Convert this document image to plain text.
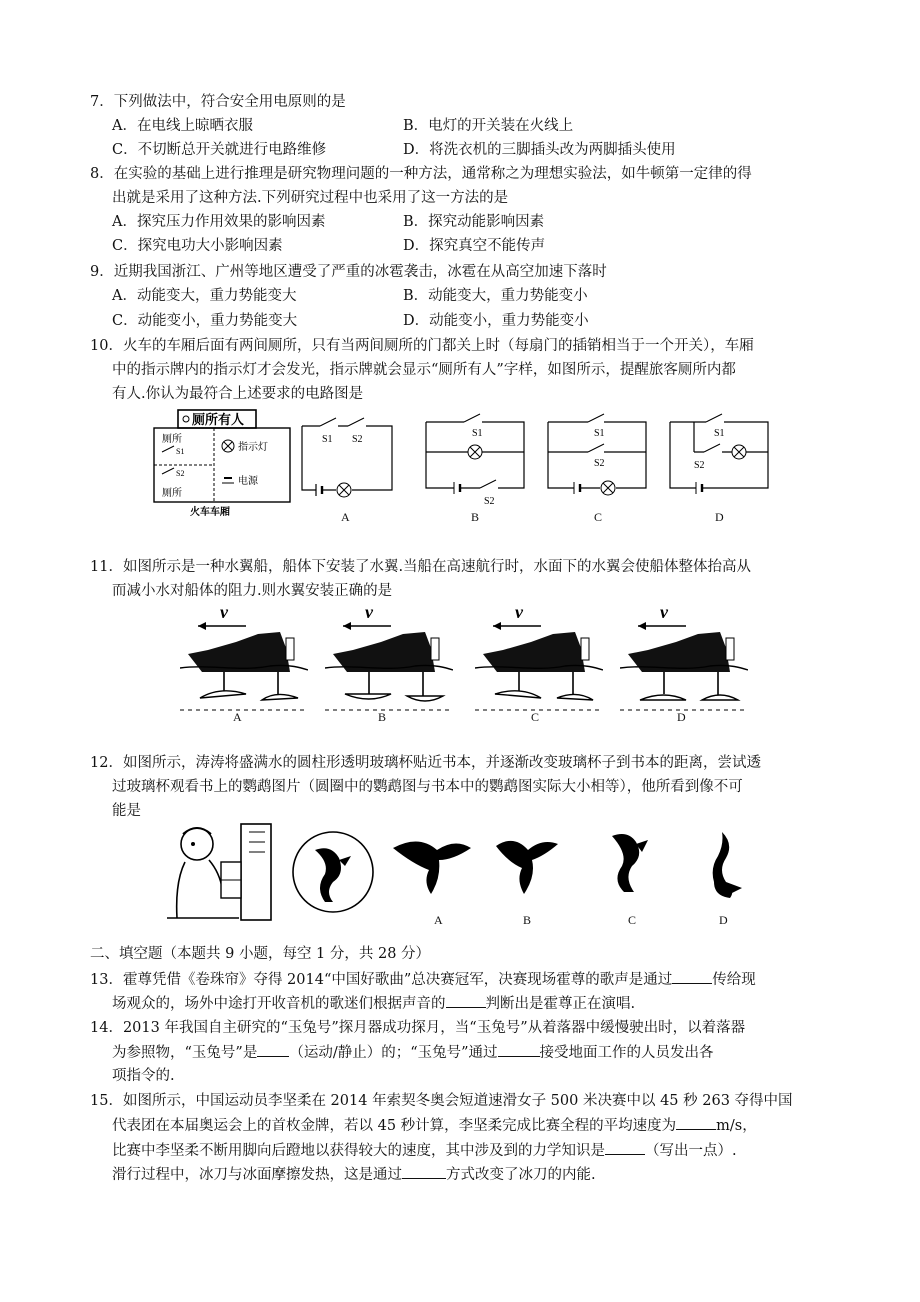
7．下列做法中，符合安全用电原则的是
A．在电线上晾晒衣服	B．电灯的开关装在火线上
C．不切断总开关就进行电路维修	D．将洗衣机的三脚插头改为两脚插头使用
8．在实验的基础上进行推理是研究物理问题的一种方法，通常称之为理想实验法，如牛顿第一定律的得
出就是采用了这种方法.下列研究过程中也采用了这一方法的是
A．探究压力作用效果的影响因素	B．探究动能影响因素
C．探究电功大小影响因素	D．探究真空不能传声
9．近期我国浙江、广州等地区遭受了严重的冰雹袭击，冰雹在从高空加速下落时
A．动能变大，重力势能变大	B．动能变大，重力势能变小
C．动能变小，重力势能变大	D．动能变小，重力势能变小
10．火车的车厢后面有两间厕所，只有当两间厕所的门都关上时（每扇门的插销相当于一个开关），车厢
中的指示牌内的指示灯才会发光，指示牌就会显示“厕所有人”字样，如图所示，提醒旅客厕所内都
有人.你认为最符合上述要求的电路图是
厕所有人
厕所
S1
S2
厕所
指示灯
电源
火车车厢
S1 S2
A
S1
S2
B
S1
S2
C
S1
S2
D
11．如图所示是一种水翼船，船体下安装了水翼.当船在高速航行时，水面下的水翼会使船体整体抬高从
而减小水对船体的阻力.则水翼安装正确的是
v
A
v
B
v
C
v
D
12．如图所示，涛涛将盛满水的圆柱形透明玻璃杯贴近书本，并逐渐改变玻璃杯子到书本的距离，尝试透
过玻璃杯观看书上的鹦鹉图片（圆圈中的鹦鹉图与书本中的鹦鹉图实际大小相等），他所看到像不可
能是
A	B	C	D
二、填空题（本题共 9 小题，每空 1 分，共 28 分）
13．霍尊凭借《卷珠帘》夺得 2014“中国好歌曲”总决赛冠军，决赛现场霍尊的歌声是通过	传给现
场观众的，场外中途打开收音机的歌迷们根据声音的	判断出是霍尊正在演唱.
14．2013 年我国自主研究的“玉兔号”探月器成功探月，当“玉兔号”从着落器中缓慢驶出时，以着落器
为参照物，“玉兔号”是 （运动/静止）的；“玉兔号”通过	接受地面工作的人员发出各
项指令的.
15．如图所示，中国运动员李坚柔在 2014 年索契冬奥会短道速滑女子 500 米决赛中以 45 秒 263 夺得中国
代表团在本届奥运会上的首枚金牌，若以 45 秒计算，李坚柔完成比赛全程的平均速度为	m/s，
比赛中李坚柔不断用脚向后蹬地以获得较大的速度，其中涉及到的力学知识是	（写出一点）.
滑行过程中，冰刀与冰面摩擦发热，这是通过	方式改变了冰刀的内能.
